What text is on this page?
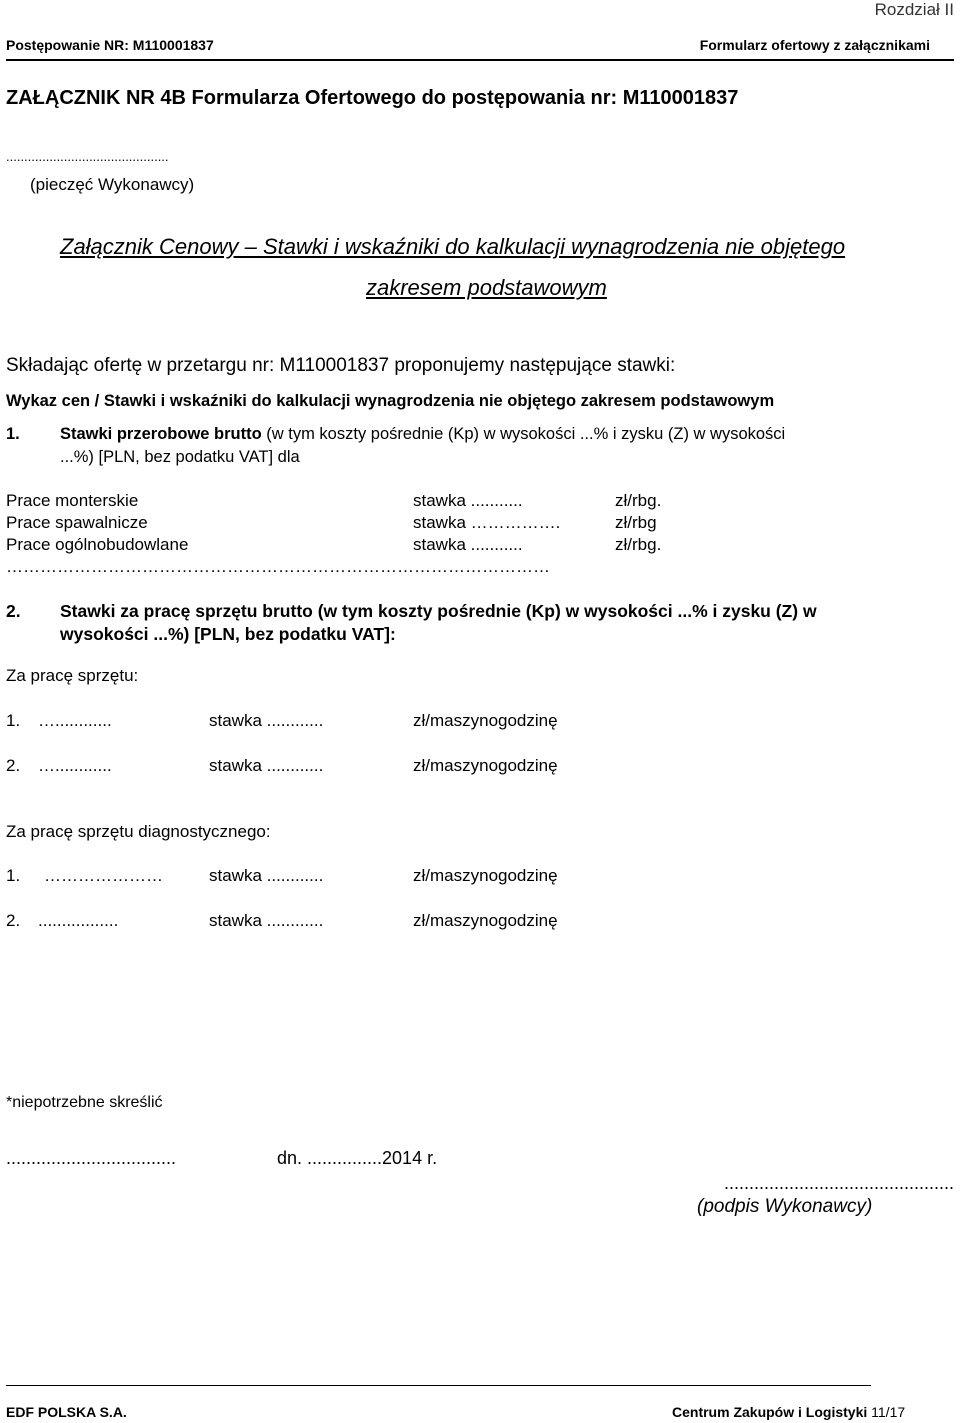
Rozdział II
Postępowanie NR: M110001837	Formularz ofertowy z załącznikami
ZAŁĄCZNIK NR 4B Formularza Ofertowego do postępowania nr: M110001837
.............................................
(pieczęć Wykonawcy)
Załącznik Cenowy – Stawki i wskaźniki do kalkulacji wynagrodzenia nie objętego
zakresem podstawowym
Składając ofertę w przetargu nr: M110001837 proponujemy następujące stawki:
Wykaz cen / Stawki i wskaźniki do kalkulacji wynagrodzenia nie objętego zakresem podstawowym
1. Stawki przerobowe brutto (w tym koszty pośrednie (Kp) w wysokości ...% i zysku (Z) w wysokości
...%) [PLN, bez podatku VAT] dla
Prace monterskie	stawka ...........	zł/rbg.
Prace spawalnicze	stawka …………….	zł/rbg
Prace ogólnobudowlane	stawka ...........	zł/rbg.
……………………………………………………………………………………
2. Stawki za pracę sprzętu brutto (w tym koszty pośrednie (Kp) w wysokości ...% i zysku (Z) w
wysokości ...%) [PLN, bez podatku VAT]:
Za pracę sprzętu:
1. …............	stawka ............	zł/maszynogodzinę
2. …............	stawka ............	zł/maszynogodzinę
Za pracę sprzętu diagnostycznego:
1. …………………	stawka ............	zł/maszynogodzinę
2. .................	stawka ............	zł/maszynogodzinę
*niepotrzebne skreślić
..................................	dn. ...............2014 r.
..............................................
(podpis Wykonawcy)
EDF POLSKA S.A.	Centrum Zakupów i Logistyki 11/17
